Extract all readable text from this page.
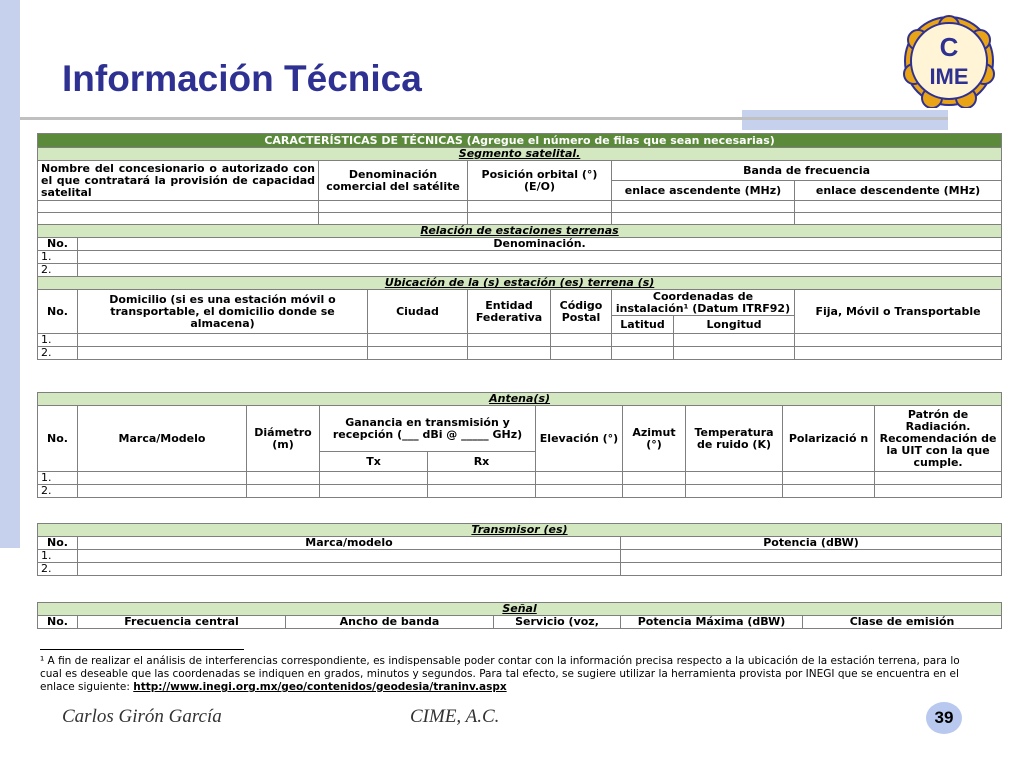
Información Técnica
C
IME
CARACTERÍSTICAS DE TÉCNICAS (Agregue el número de filas que sean necesarias)								
Segmento satelital.								
Nombre del concesionario o autorizado con el que contratará la provisión de capacidad satelital		Denominación comercial del satélite		Posición orbital (°) (E/O)		Banda de frecuencia		
						enlace ascendente (MHz)		enlace descendente (MHz)

Relación de estaciones terrenas								
No.	Denominación.							
1.								
2.								
Ubicación de la (s) estación (es) terrena (s)								
No.	Domicilio (si es una estación móvil o transportable, el domicilio donde se almacena)		Ciudad	Entidad Federativa	Código Postal	Coordenadas de instalación¹ (Datum ITRF92)		Fija, Móvil o Transportable
						Latitud	Longitud	
1.								
2.								
Antena(s)									
No.	Marca/Modelo	Diámetro (m)	Ganancia en transmisión y recepción (___ dBi @ _____ GHz)		Elevación (°)	Azimut (°)	Temperatura de ruido (K)	Polarizació n	Patrón de Radiación. Recomendación de la UIT con la que cumple.
			Tx	Rx					
1.									
2.									
Transmisor (es)		
No.	Marca/modelo	Potencia (dBW)
1.		
2.		
Señal
No.	Frecuencia central	Ancho de banda	Servicio (voz,	Potencia Máxima (dBW)	Clase de emisión
¹ A fin de realizar el análisis de interferencias correspondiente, es indispensable poder contar con la información precisa respecto a la ubicación de la estación terrena, para lo cual es deseable que las coordenadas se indiquen en grados, minutos y segundos. Para tal efecto, se sugiere utilizar la herramienta provista por INEGI que se encuentra en el enlace siguiente: http://www.inegi.org.mx/geo/contenidos/geodesia/traninv.aspx
Carlos Girón García	CIME, A.C.	39
